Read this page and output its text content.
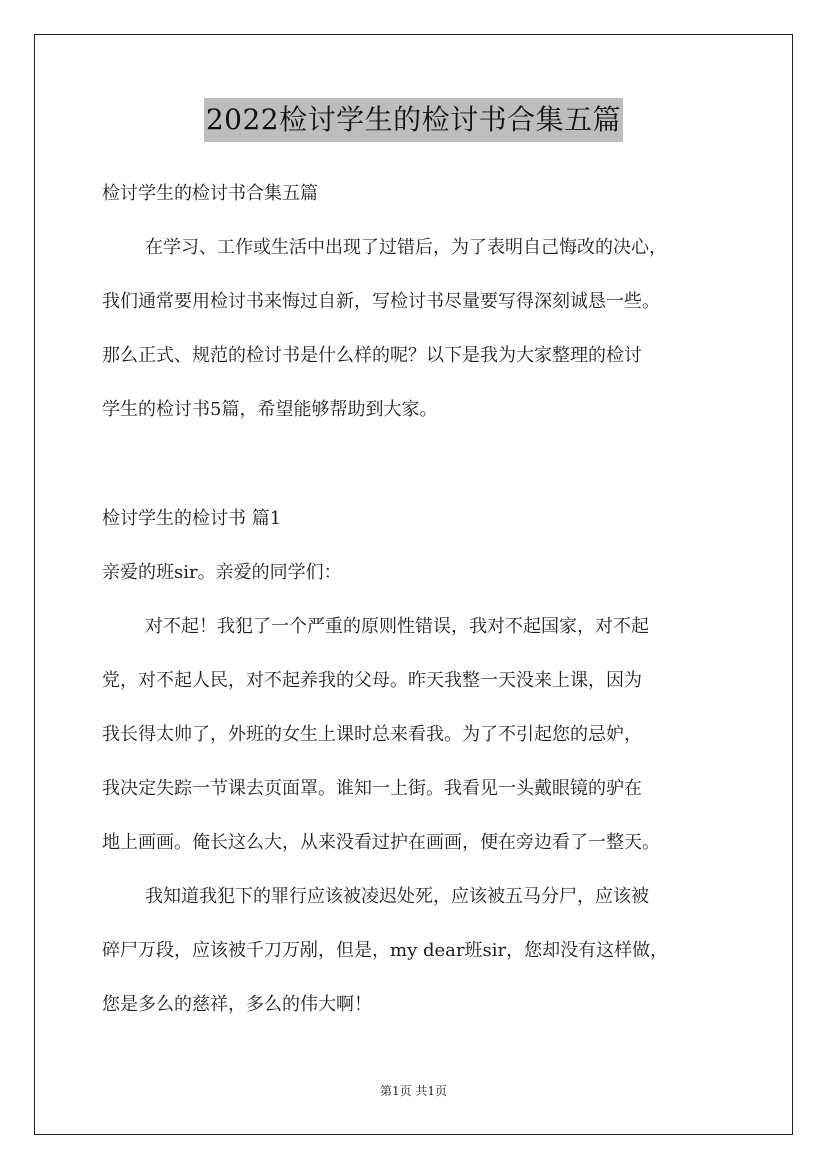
2022检讨学生的检讨书合集五篇
检讨学生的检讨书合集五篇
在学习、工作或生活中出现了过错后，为了表明自己悔改的决心，
我们通常要用检讨书来悔过自新，写检讨书尽量要写得深刻诚恳一些。
那么正式、规范的检讨书是什么样的呢？以下是我为大家整理的检讨
学生的检讨书5篇，希望能够帮助到大家。
检讨学生的检讨书 篇1
亲爱的班sir。亲爱的同学们：
对不起！我犯了一个严重的原则性错误，我对不起国家，对不起
党，对不起人民，对不起养我的父母。昨天我整一天没来上课，因为
我长得太帅了，外班的女生上课时总来看我。为了不引起您的忌妒，
我决定失踪一节课去页面罩。谁知一上街。我看见一头戴眼镜的驴在
地上画画。俺长这么大，从来没看过护在画画，便在旁边看了一整天。
我知道我犯下的罪行应该被凌迟处死，应该被五马分尸，应该被
碎尸万段，应该被千刀万剐，但是，my dear班sir，您却没有这样做，
您是多么的慈祥，多么的伟大啊！
第1页 共1页
